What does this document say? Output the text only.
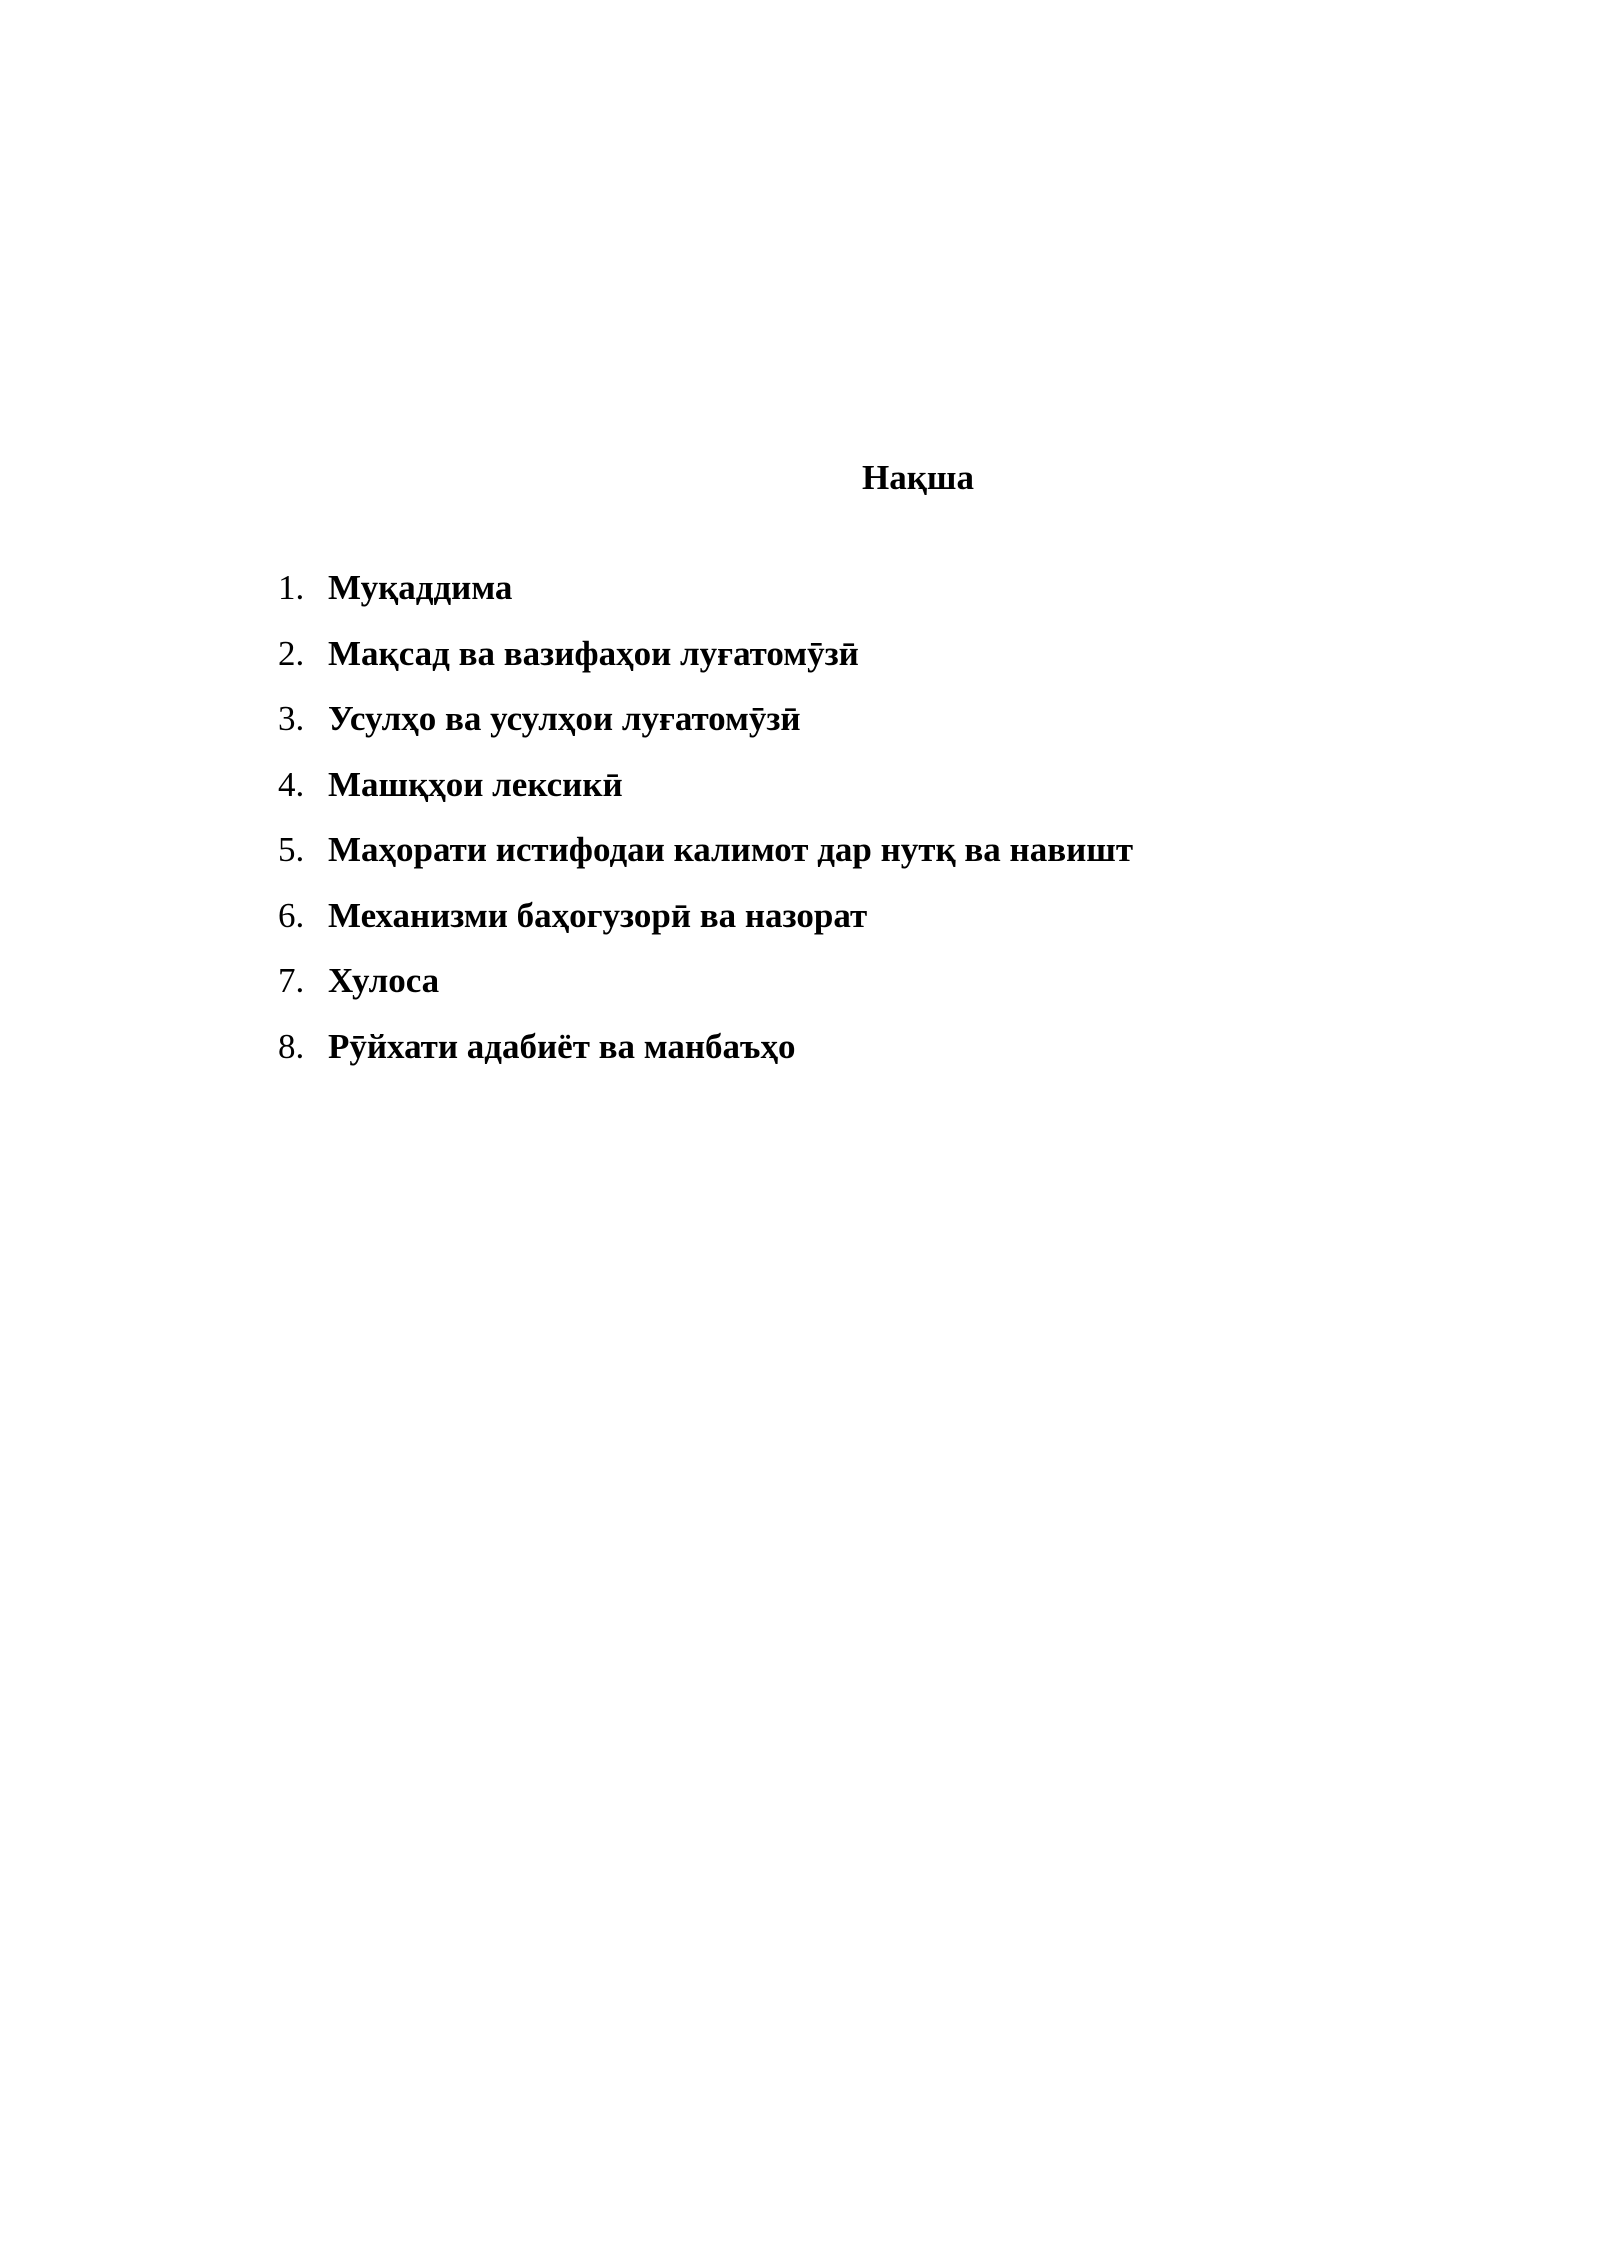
Нақша
1. Муқаддима
2. Мақсад ва вазифаҳои луғатомӯзӣ
3. Усулҳо ва усулҳои луғатомӯзӣ
4. Машқҳои лексикӣ
5. Маҳорати истифодаи калимот дар нутқ ва навишт
6. Механизми баҳогузорӣ ва назорат
7. Хулоса
8. Рӯйхати адабиёт ва манбаъҳо
